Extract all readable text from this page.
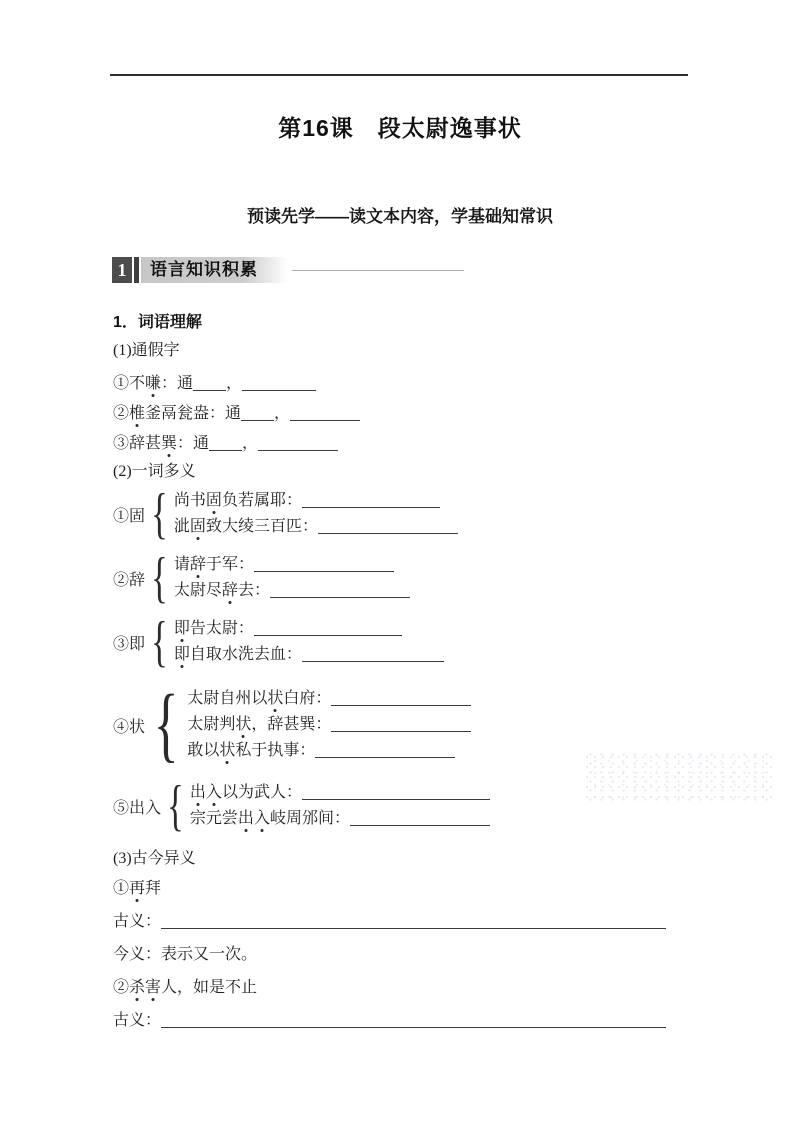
第16课　段太尉逸事状
预读先学——读文本内容，学基础知常识
1	语言知识积累
1．词语理解
(1)通假字
①不嗛：通 ，
②椎釜鬲瓮盎：通 ，
③辞甚巽：通 ，
(2)一词多义
①固 { 尚书固负若属耶：
泚固致大绫三百匹：
②辞 { 请辞于军：
太尉尽辞去：
③即 { 即告太尉：
即自取水洗去血：
④状 { 太尉自州以状白府：
太尉判状，辞甚巽：
敢以状私于执事：
⑤出入 { 出入以为武人：
宗元尝出入岐周邠间：
(3)古今异义
①再拜
古义：
今义：表示又一次。
②杀害人，如是不止
古义：
